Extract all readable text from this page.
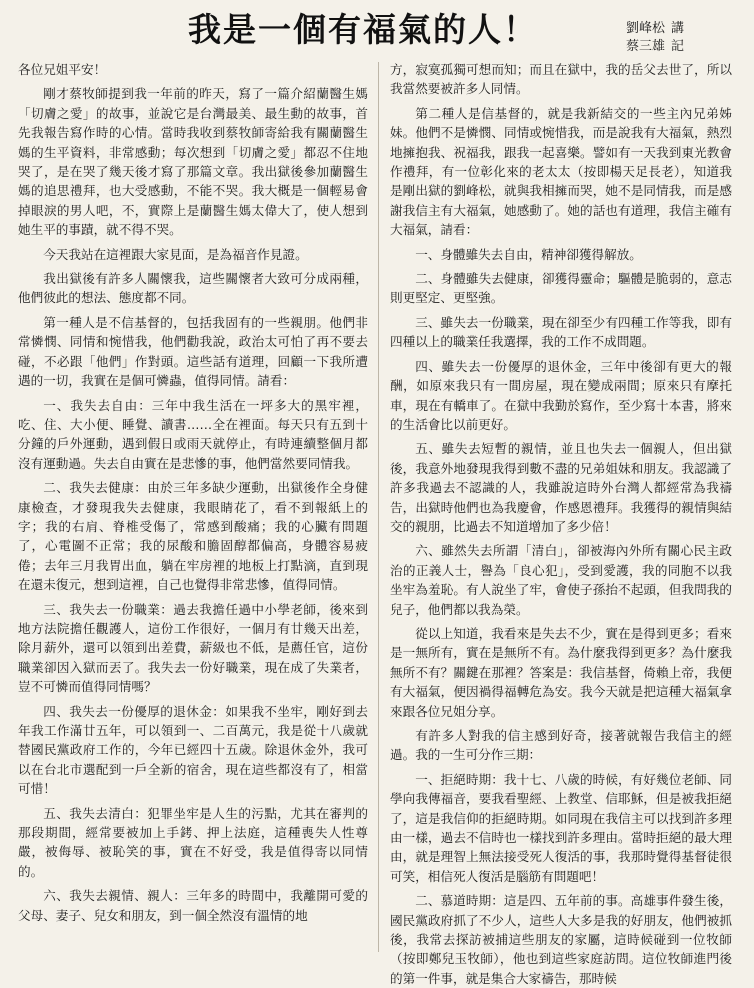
我是一個有福氣的人！	劉峰松 講
蔡三雄 記

各位兄姐平安！

剛才蔡牧師提到我一年前的昨天，寫了一篇介紹蘭醫生媽「切膚之愛」的故事，並說它是台灣最美、最生動的故事，首先我報告寫作時的心情。當時我收到蔡牧師寄給我有關蘭醫生媽的生平資料，非常感動；每次想到「切膚之愛」都忍不住地哭了，是在哭了幾天後才寫了那篇文章。我出獄後參加蘭醫生媽的追思禮拜，也大受感動，不能不哭。我大概是一個輕易會掉眼淚的男人吧，不，實際上是蘭醫生媽太偉大了，使人想到她生平的事蹟，就不得不哭。

今天我站在這裡跟大家見面，是為福音作見證。

我出獄後有許多人關懷我，這些關懷者大致可分成兩種，他們彼此的想法、態度都不同。

第一種人是不信基督的，包括我固有的一些親朋。他們非常憐憫、同情和惋惜我，他們勸我說，政治太可怕了再不要去碰，不必跟「他們」作對頭。這些話有道理，回顧一下我所遭遇的一切，我實在是個可憐蟲，值得同情。請看：

一、我失去自由：三年中我生活在一坪多大的黑牢裡，吃、住、大小便、睡覺、讀書……全在裡面。每天只有五到十分鐘的戶外運動，遇到假日或雨天就停止，有時連續整個月都沒有運動過。失去自由實在是悲慘的事，他們當然要同情我。

二、我失去健康：由於三年多缺少運動，出獄後作全身健康檢查，才發現我失去健康，我眼睛花了，看不到報紙上的字；我的右肩、脊椎受傷了，常感到酸痛；我的心臟有問題了，心電圖不正常；我的尿酸和膽固醇都偏高，身體容易疲倦；去年三月我胃出血，躺在牢房裡的地板上打點滴，直到現在還未復元，想到這裡，自己也覺得非常悲慘，值得同情。

三、我失去一份職業：過去我擔任過中小學老師，後來到地方法院擔任觀護人，這份工作很好，一個月有廿幾天出差，除月薪外，還可以領到出差費，薪級也不低，是薦任官，這份職業卻因入獄而丟了。我失去一份好職業，現在成了失業者，豈不可憐而值得同情嗎？

四、我失去一份優厚的退休金：如果我不坐牢，剛好到去年我工作滿廿五年，可以領到一、二百萬元，我是從十八歲就替國民黨政府工作的，今年已經四十五歲。除退休金外，我可以在台北市選配到一戶全新的宿舍，現在這些都沒有了，相當可惜！

五、我失去清白：犯罪坐牢是人生的污點，尤其在審判的那段期間，經常要被加上手銬、押上法庭，這種喪失人性尊嚴，被侮辱、被恥笑的事，實在不好受，我是值得寄以同情的。

六、我失去親情、親人：三年多的時間中，我離開可愛的父母、妻子、兒女和朋友，到一個全然沒有溫情的地

方，寂寞孤獨可想而知；而且在獄中，我的岳父去世了，所以我當然要被許多人同情。

第二種人是信基督的，就是我新結交的一些主內兄弟姊妹。他們不是憐憫、同情或惋惜我，而是說我有大福氣，熱烈地擁抱我、祝福我，跟我一起喜樂。譬如有一天我到東光教會作禮拜，有一位彰化來的老太太（按即楊天足長老），知道我是剛出獄的劉峰松，就與我相擁而哭，她不是同情我，而是感謝我信主有大福氣，她感動了。她的話也有道理，我信主確有大福氣，請看：

一、身體雖失去自由，精神卻獲得解放。

二、身體雖失去健康，卻獲得靈命；驅體是脆弱的，意志則更堅定、更堅強。

三、雖失去一份職業，現在卻至少有四種工作等我，即有四種以上的職業任我選擇，我的工作不成問題。

四、雖失去一份優厚的退休金，三年中後卻有更大的報酬，如原來我只有一間房屋，現在變成兩間；原來只有摩托車，現在有轎車了。在獄中我勤於寫作，至少寫十本書，將來的生活會比以前更好。

五、雖失去短暫的親情，並且也失去一個親人，但出獄後，我意外地發現我得到數不盡的兄弟姐妹和朋友。我認識了許多我過去不認識的人，我雖說這時外台灣人都經常為我禱告，出獄時他們也為我慶會，作感恩禮拜。我獲得的親情與結交的親朋，比過去不知道增加了多少倍！

六、雖然失去所謂「清白」，卻被海內外所有關心民主政治的正義人士，譽為「良心犯」，受到愛護，我的同胞不以我坐牢為羞恥。有人說坐了牢，會使子孫抬不起頭，但我問我的兒子，他們都以我為榮。

從以上知道，我看來是失去不少，實在是得到更多；看來是一無所有，實在是無所不有。為什麼我得到更多？為什麼我無所不有？關鍵在那裡？答案是：我信基督，倚賴上帝，我便有大福氣，便因禍得福轉危為安。我今天就是把這種大福氣拿來跟各位兄姐分享。

有許多人對我的信主感到好奇，接著就報告我信主的經過。我的一生可分作三期：

一、拒絕時期：我十七、八歲的時候，有好幾位老師、同學向我傳福音，要我看聖經、上教堂、信耶穌，但是被我拒絕了，這是我信仰的拒絕時期。如同現在我信主可以找到許多理由一樣，過去不信時也一樣找到許多理由。當時拒絕的最大理由，就是理智上無法接受死人復活的事，我那時覺得基督徒很可笑，相信死人復活是腦筋有問題吧！

二、慕道時期：這是四、五年前的事。高雄事件發生後，國民黨政府抓了不少人，這些人大多是我的好朋友，他們被抓後，我常去探訪被捕這些朋友的家屬，這時候碰到一位牧師（按即鄭兒玉牧師），他也到這些家庭訪問。這位牧師進門後的第一件事，就是集合大家禱告，那時候
